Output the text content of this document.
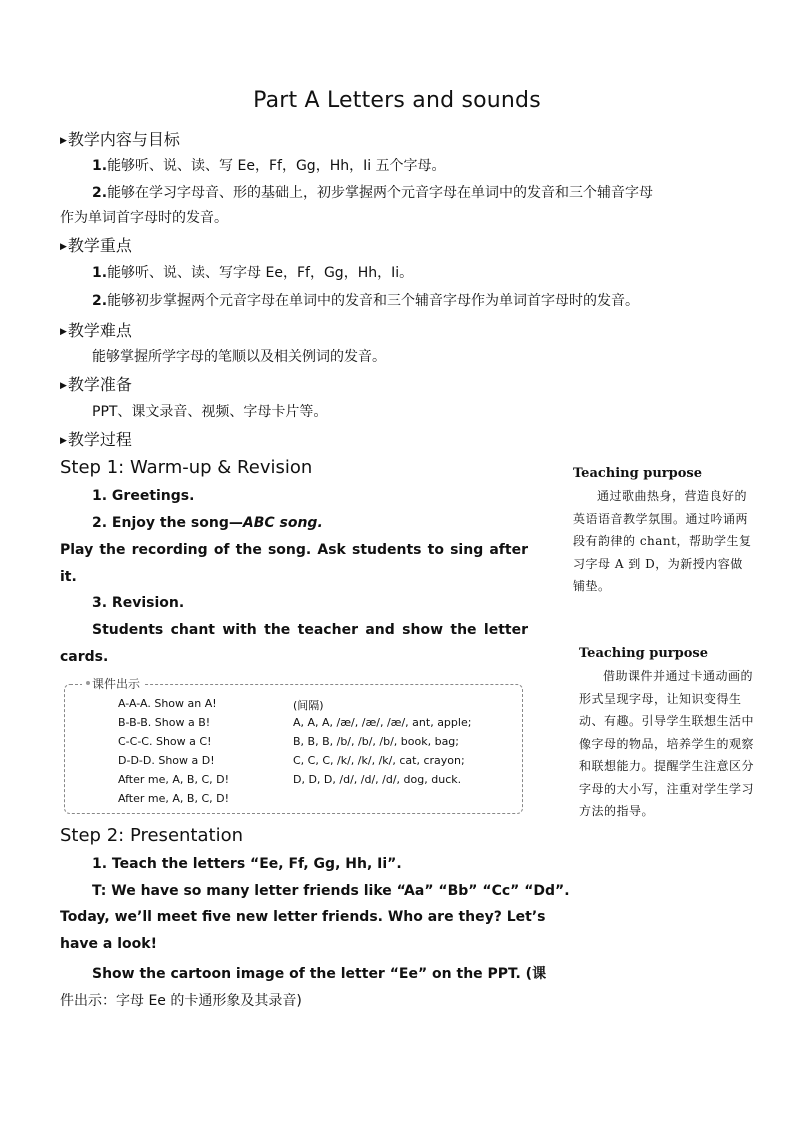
Part A Letters and sounds
▶教学内容与目标
1.能够听、说、读、写 Ee，Ff，Gg，Hh，Ii 五个字母。
2.能够在学习字母音、形的基础上，初步掌握两个元音字母在单词中的发音和三个辅音字母
作为单词首字母时的发音。
▶教学重点
1.能够听、说、读、写字母 Ee，Ff，Gg，Hh，Ii。
2.能够初步掌握两个元音字母在单词中的发音和三个辅音字母作为单词首字母时的发音。
▶教学难点
能够掌握所学字母的笔顺以及相关例词的发音。
▶教学准备
PPT、课文录音、视频、字母卡片等。
▶教学过程
Step 1: Warm-up & Revision
1. Greetings.
2. Enjoy the song—ABC song.
Play the recording of the song. Ask students to sing after
it.
3. Revision.
Students chant with the teacher and show the letter
cards.
课件出示
A-A-A. Show an A!
B-B-B. Show a B!
C-C-C. Show a C!
D-D-D. Show a D!
After me, A, B, C, D!
After me, A, B, C, D!
(间隔)
A, A, A, /æ/, /æ/, /æ/, ant, apple;
B, B, B, /b/, /b/, /b/, book, bag;
C, C, C, /k/, /k/, /k/, cat, crayon;
D, D, D, /d/, /d/, /d/, dog, duck.
Step 2: Presentation
1. Teach the letters “Ee, Ff, Gg, Hh, Ii”.
T: We have so many letter friends like “Aa” “Bb” “Cc” “Dd”.
Today, we’ll meet five new letter friends. Who are they? Let’s
have a look!
Show the cartoon image of the letter “Ee” on the PPT. (课
件出示：字母 Ee 的卡通形象及其录音)
Teaching purpose
通过歌曲热身，营造良好的英语语音教学氛围。通过吟诵两段有韵律的 chant，帮助学生复习字母 A 到 D，为新授内容做铺垫。
Teaching purpose
借助课件并通过卡通动画的形式呈现字母，让知识变得生动、有趣。引导学生联想生活中像字母的物品，培养学生的观察和联想能力。提醒学生注意区分字母的大小写，注重对学生学习方法的指导。
